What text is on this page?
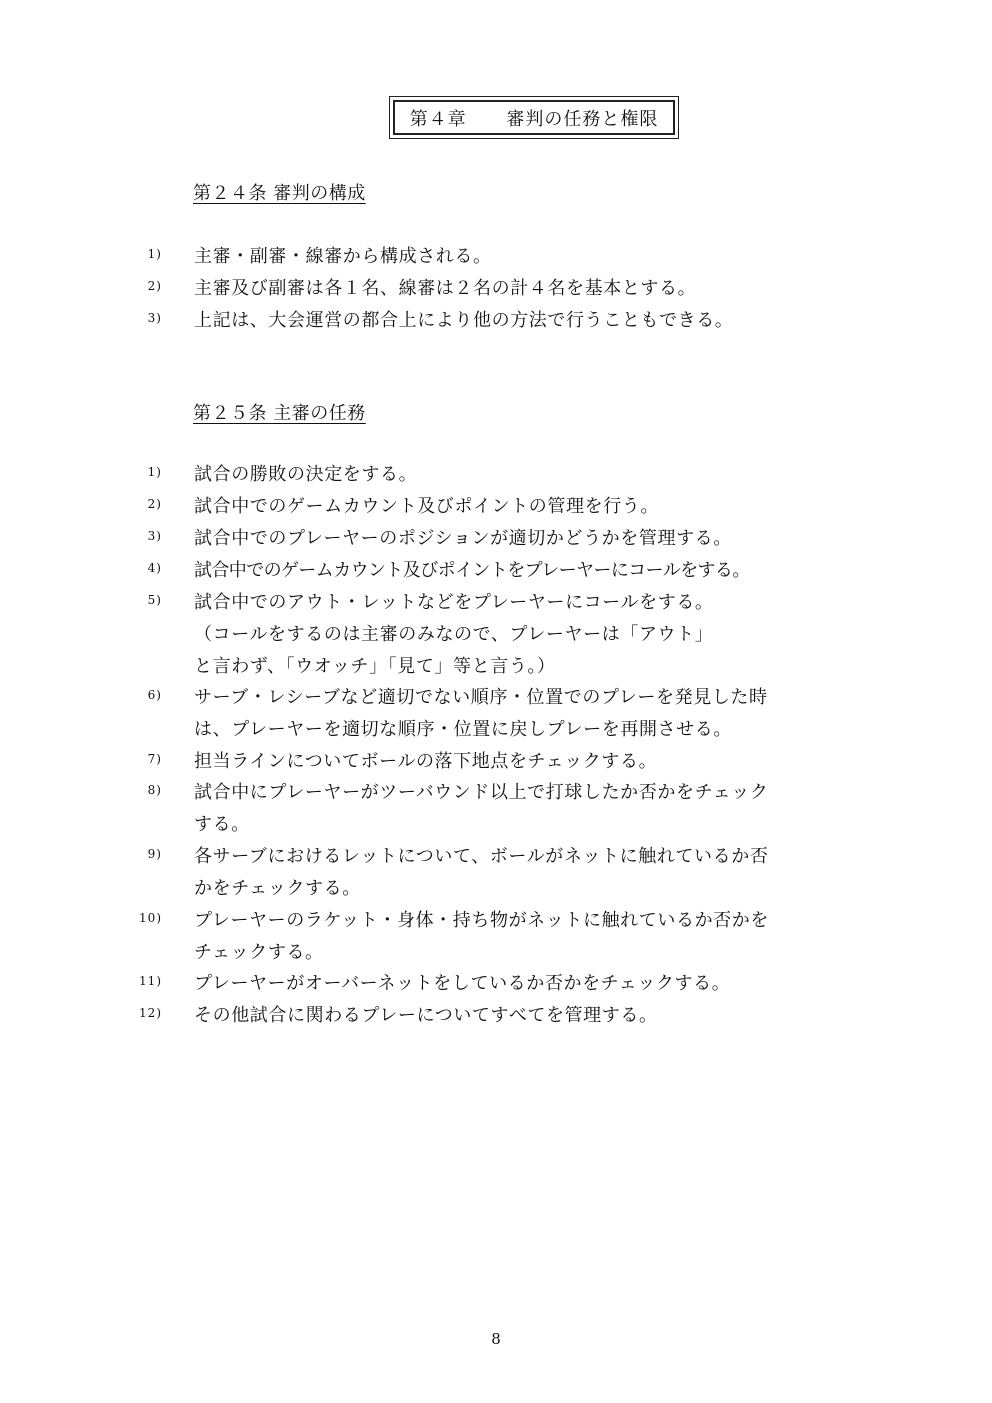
第４章　 審判の任務と権限
第２４条 審判の構成
1) 主審・副審・線審から構成される。
2) 主審及び副審は各１名、線審は２名の計４名を基本とする。
3) 上記は、大会運営の都合上により他の方法で行うこともできる。
第２５条 主審の任務
1) 試合の勝敗の決定をする。
2) 試合中でのゲームカウント及びポイントの管理を行う。
3) 試合中でのプレーヤーのポジションが適切かどうかを管理する。
4) 試合中でのゲームカウント及びポイントをプレーヤーにコールをする。
5) 試合中でのアウト・レットなどをプレーヤーにコールをする。
（コールをするのは主審のみなので、プレーヤーは「アウト」
と言わず、「ウオッチ」「見て」等と言う。）
6) サーブ・レシーブなど適切でない順序・位置でのプレーを発見した時
は、プレーヤーを適切な順序・位置に戻しプレーを再開させる。
7) 担当ラインについてボールの落下地点をチェックする。
8) 試合中にプレーヤーがツーバウンド以上で打球したか否かをチェック
する。
9) 各サーブにおけるレットについて、ボールがネットに触れているか否
かをチェックする。
10) プレーヤーのラケット・身体・持ち物がネットに触れているか否かを
チェックする。
11) プレーヤーがオーバーネットをしているか否かをチェックする。
12) その他試合に関わるプレーについてすべてを管理する。
8
